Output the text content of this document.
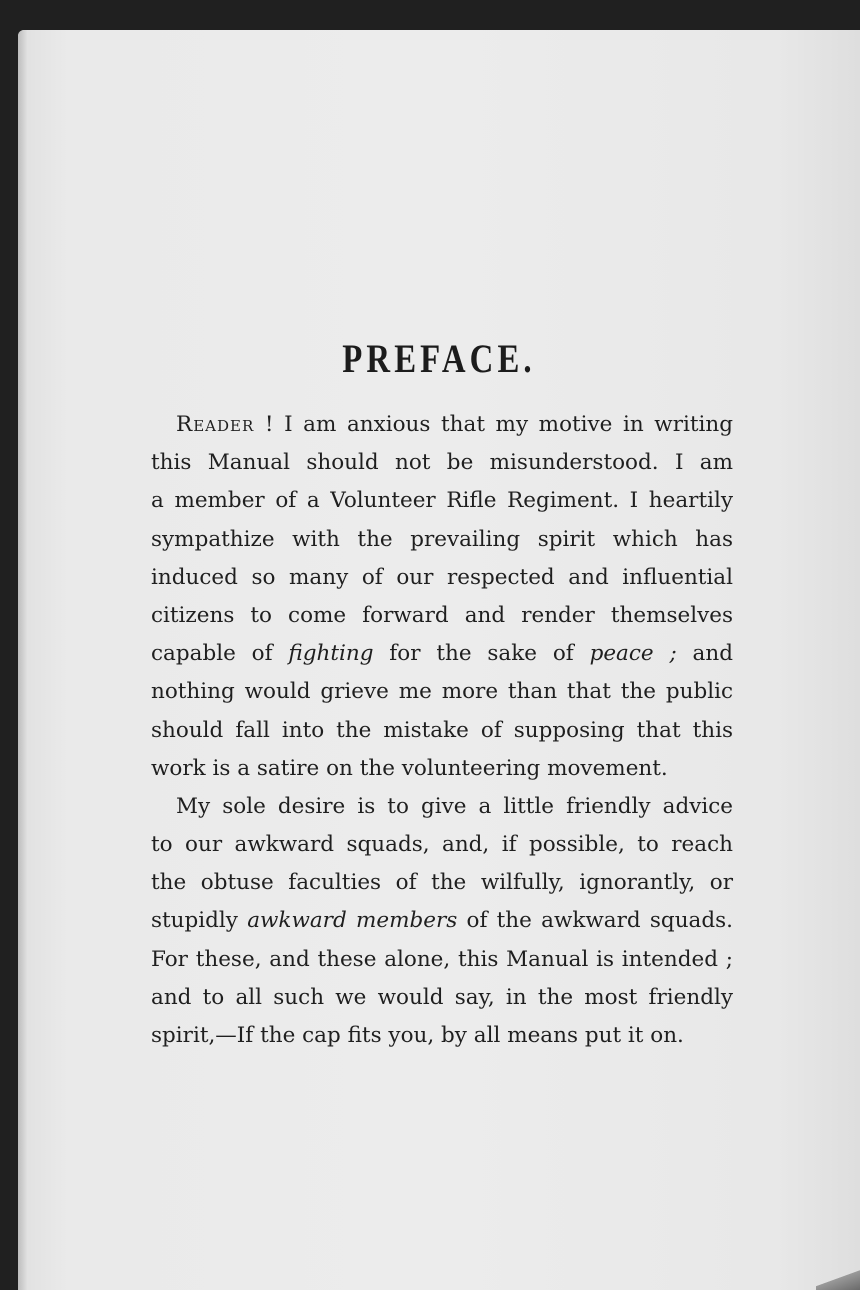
PREFACE.
Reader ! I am anxious that my motive in writing
this Manual should not be misunderstood. I am
a member of a Volunteer Rifle Regiment. I heartily
sympathize with the prevailing spirit which has
induced so many of our respected and influential
citizens to come forward and render themselves
capable of fighting for the sake of peace ; and
nothing would grieve me more than that the public
should fall into the mistake of supposing that this
work is a satire on the volunteering movement.
My sole desire is to give a little friendly advice
to our awkward squads, and, if possible, to reach
the obtuse faculties of the wilfully, ignorantly, or
stupidly awkward members of the awkward squads.
For these, and these alone, this Manual is intended ;
and to all such we would say, in the most friendly
spirit,—If the cap fits you, by all means put it on.
